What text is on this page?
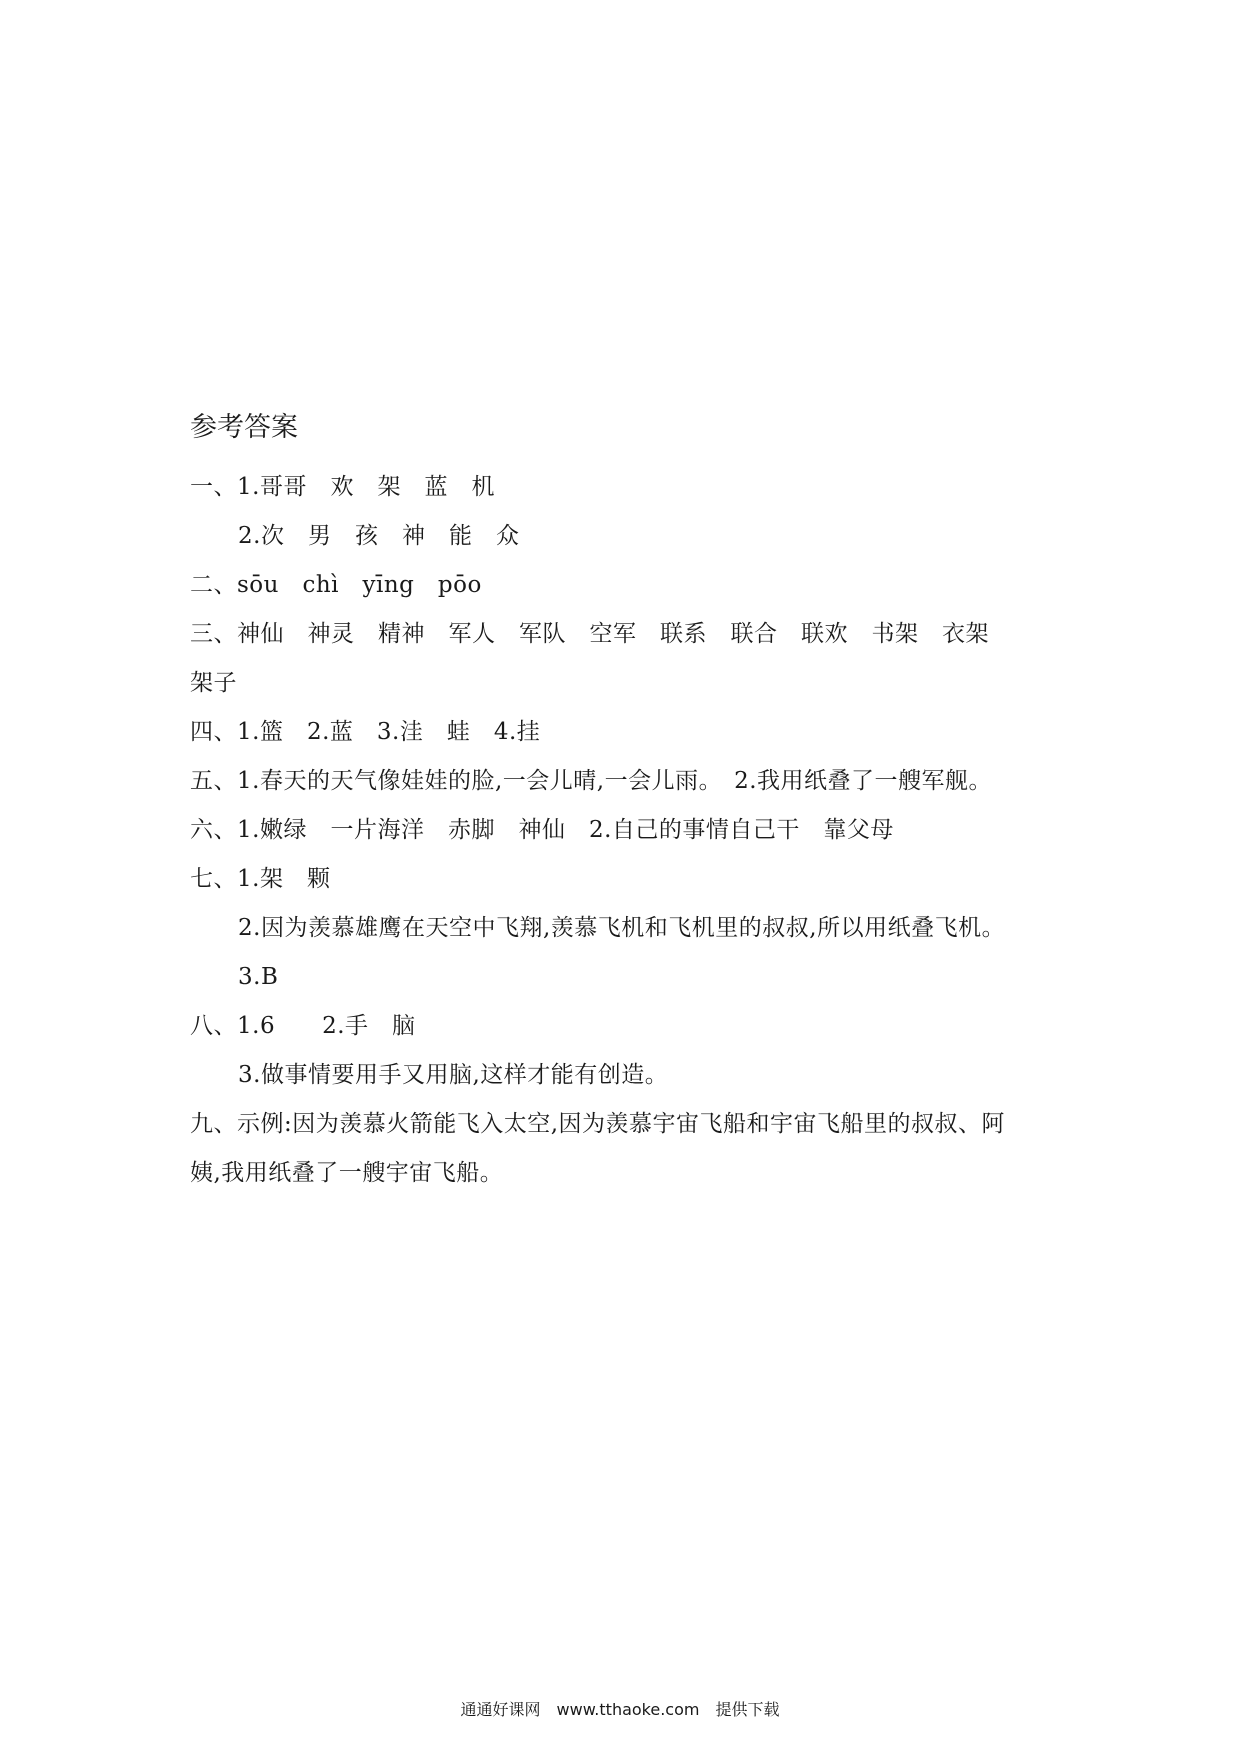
参考答案
一、1.哥哥　欢　架　蓝　机
2.次　男　孩　神　能　众
二、sōu　chì　yīng　pōo
三、神仙　神灵　精神　军人　军队　空军　联系　联合　联欢　书架　衣架
架子
四、1.篮　2.蓝　3.洼　蛙　4.挂
五、1.春天的天气像娃娃的脸,一会儿晴,一会儿雨。　2.我用纸叠了一艘军舰。
六、1.嫩绿　一片海洋　赤脚　神仙　2.自己的事情自己干　靠父母
七、1.架　颗
2.因为羡慕雄鹰在天空中飞翔,羡慕飞机和飞机里的叔叔,所以用纸叠飞机。
3.B
八、1.6　　2.手　脑
3.做事情要用手又用脑,这样才能有创造。
九、示例:因为羡慕火箭能飞入太空,因为羡慕宇宙飞船和宇宙飞船里的叔叔、阿
姨,我用纸叠了一艘宇宙飞船。
通通好课网　www.tthaoke.com　提供下载
